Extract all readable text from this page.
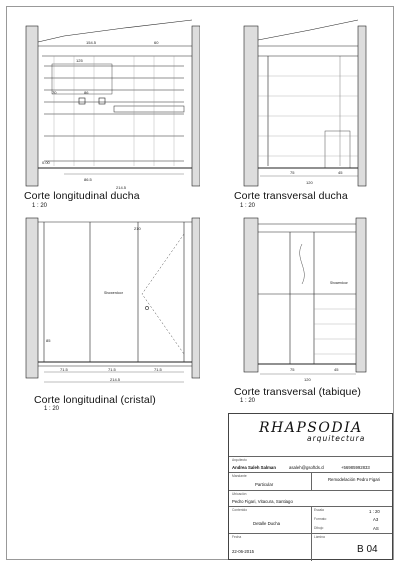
154.5	60
125
70	86
0.00
86.5
214.5
Corte longitudinal ducha
1 : 20
75	45
120
Corte transversal ducha
1 : 20
Showerdoor
71.5	71.5	71.5
214.5
210
85
Corte longitudinal (cristal)
1 : 20
Showerdoor
75	45
120
Corte transversal (tabique)
1 : 20
RHAPSODIA
arquitectura
Arquitecto
Andrea Saleh Salman	asaleh@gsoftds.cl	+56985992833
Mandante
Particular
Remodelación Pedro Figari
Ubicación
Pedro Figari, Vitacura, Santiago
Contenido
Detalle Ducha
Escala	1 : 20
Formato	A3
Dibujo	AS
Fecha
22-06-2015
Lámina
B 04
